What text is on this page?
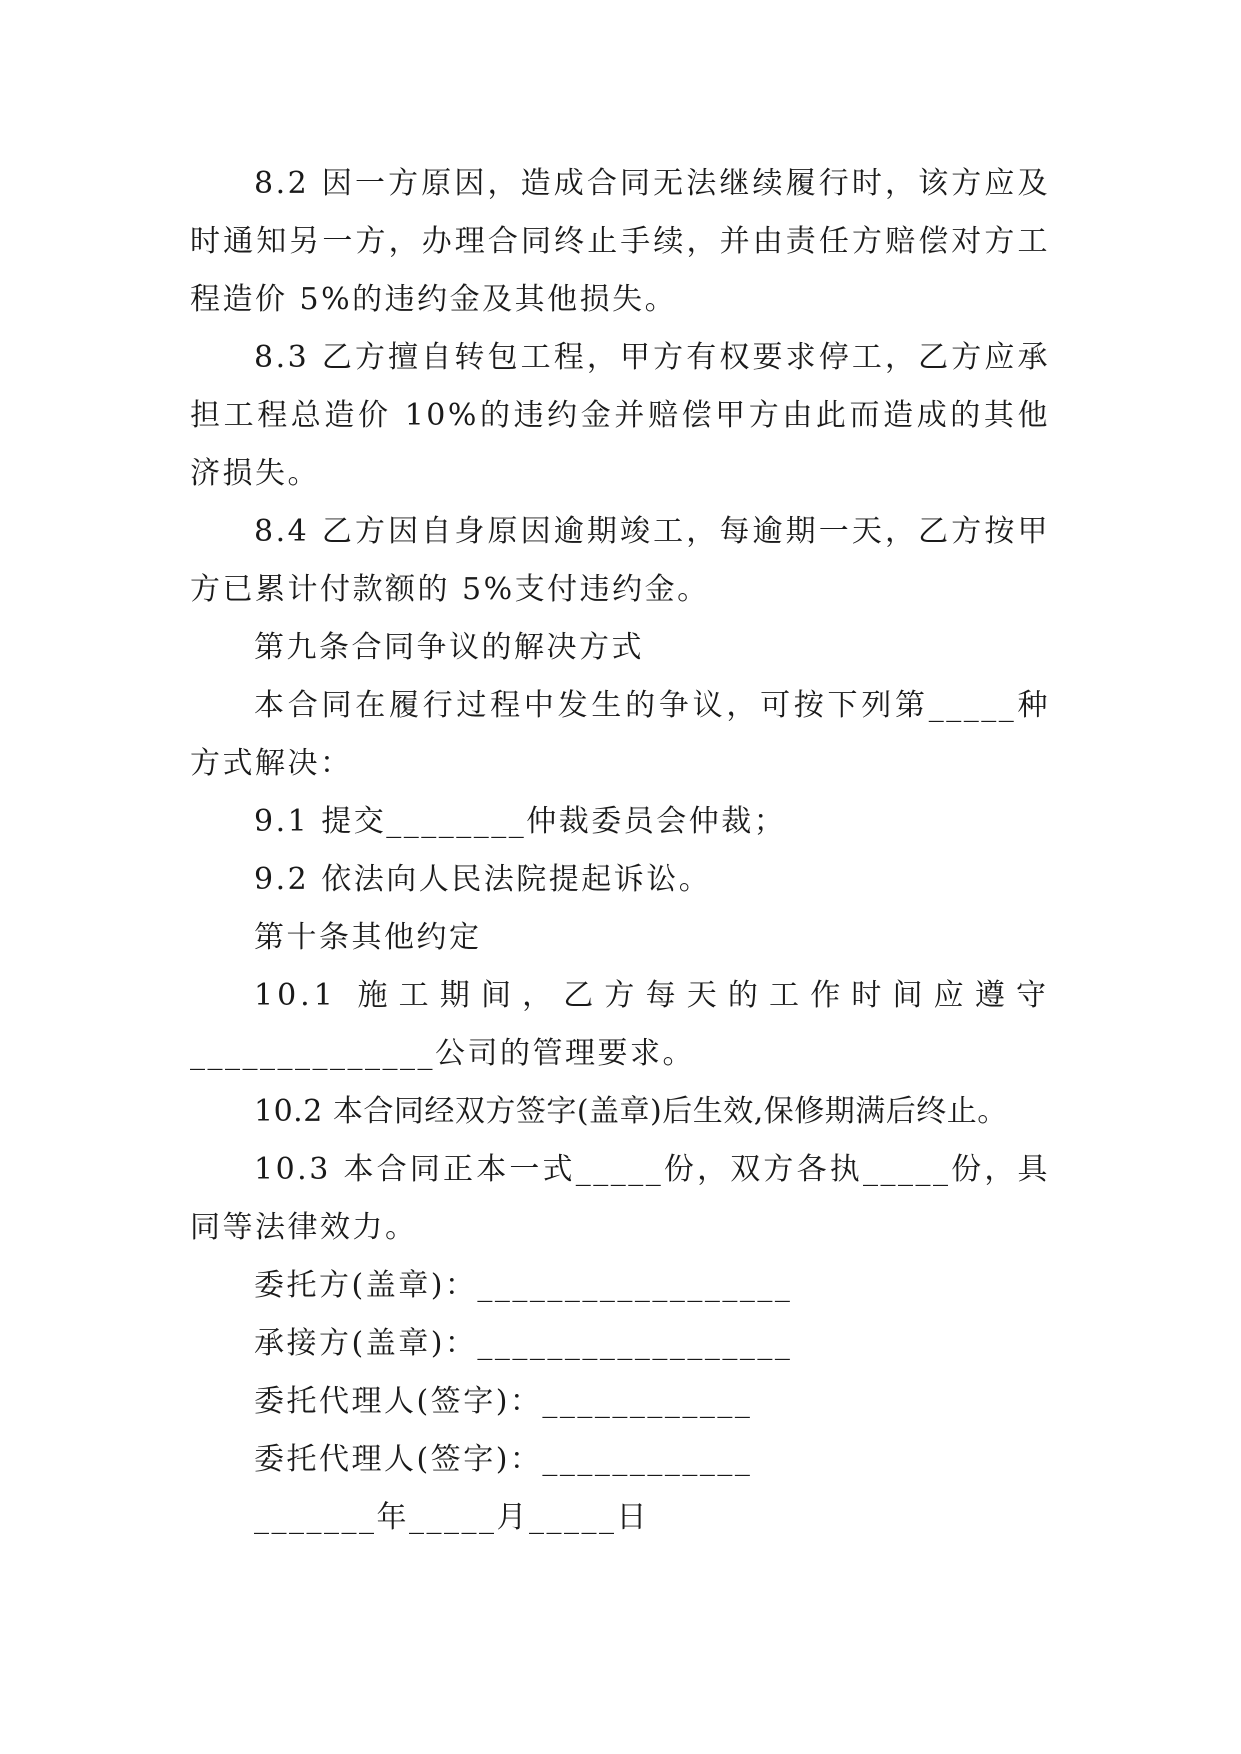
8.2 因一方原因，造成合同无法继续履行时，该方应及
时通知另一方，办理合同终止手续，并由责任方赔偿对方工
程造价 5%的违约金及其他损失。
8.3 乙方擅自转包工程，甲方有权要求停工，乙方应承
担工程总造价 10%的违约金并赔偿甲方由此而造成的其他
济损失。
8.4 乙方因自身原因逾期竣工，每逾期一天，乙方按甲
方已累计付款额的 5%支付违约金。
第九条合同争议的解决方式
本合同在履行过程中发生的争议，可按下列第_____种
方式解决：
9.1 提交________仲裁委员会仲裁；
9.2 依法向人民法院提起诉讼。
第十条其他约定
10.1 施工期间，乙方每天的工作时间应遵守
______________公司的管理要求。
10.2 本合同经双方签字(盖章)后生效,保修期满后终止。
10.3 本合同正本一式_____份，双方各执_____份，具
同等法律效力。
委托方(盖章)：__________________
承接方(盖章)：__________________
委托代理人(签字)：____________
委托代理人(签字)：____________
_______年_____月_____日
